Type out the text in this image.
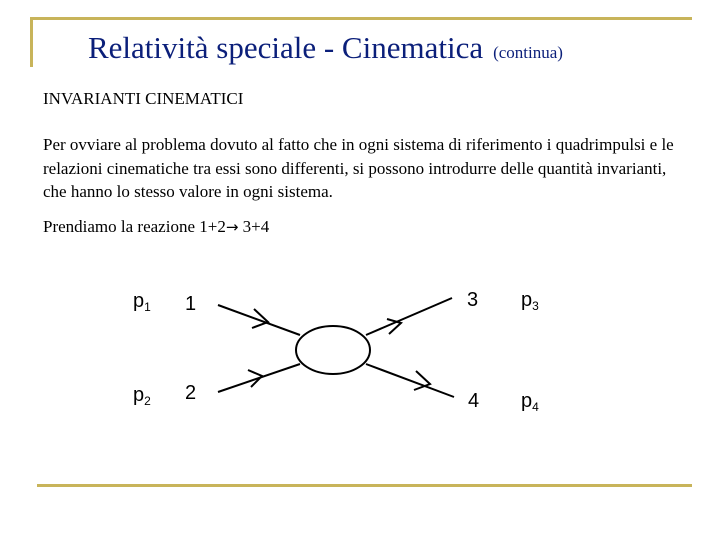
Relatività speciale - Cinematica (continua)
INVARIANTI CINEMATICI

Per ovviare al problema dovuto al fatto che in ogni sistema di riferimento i quadrimpulsi e le relazioni cinematiche tra essi sono differenti, si possono introdurre delle quantità invarianti, che hanno lo stesso valore in ogni sistema.

Prendiamo la reazione 1+2→ 3+4
$p_1$ 1
$p_2$ 2
3 $p_3$
4 $p_4$
